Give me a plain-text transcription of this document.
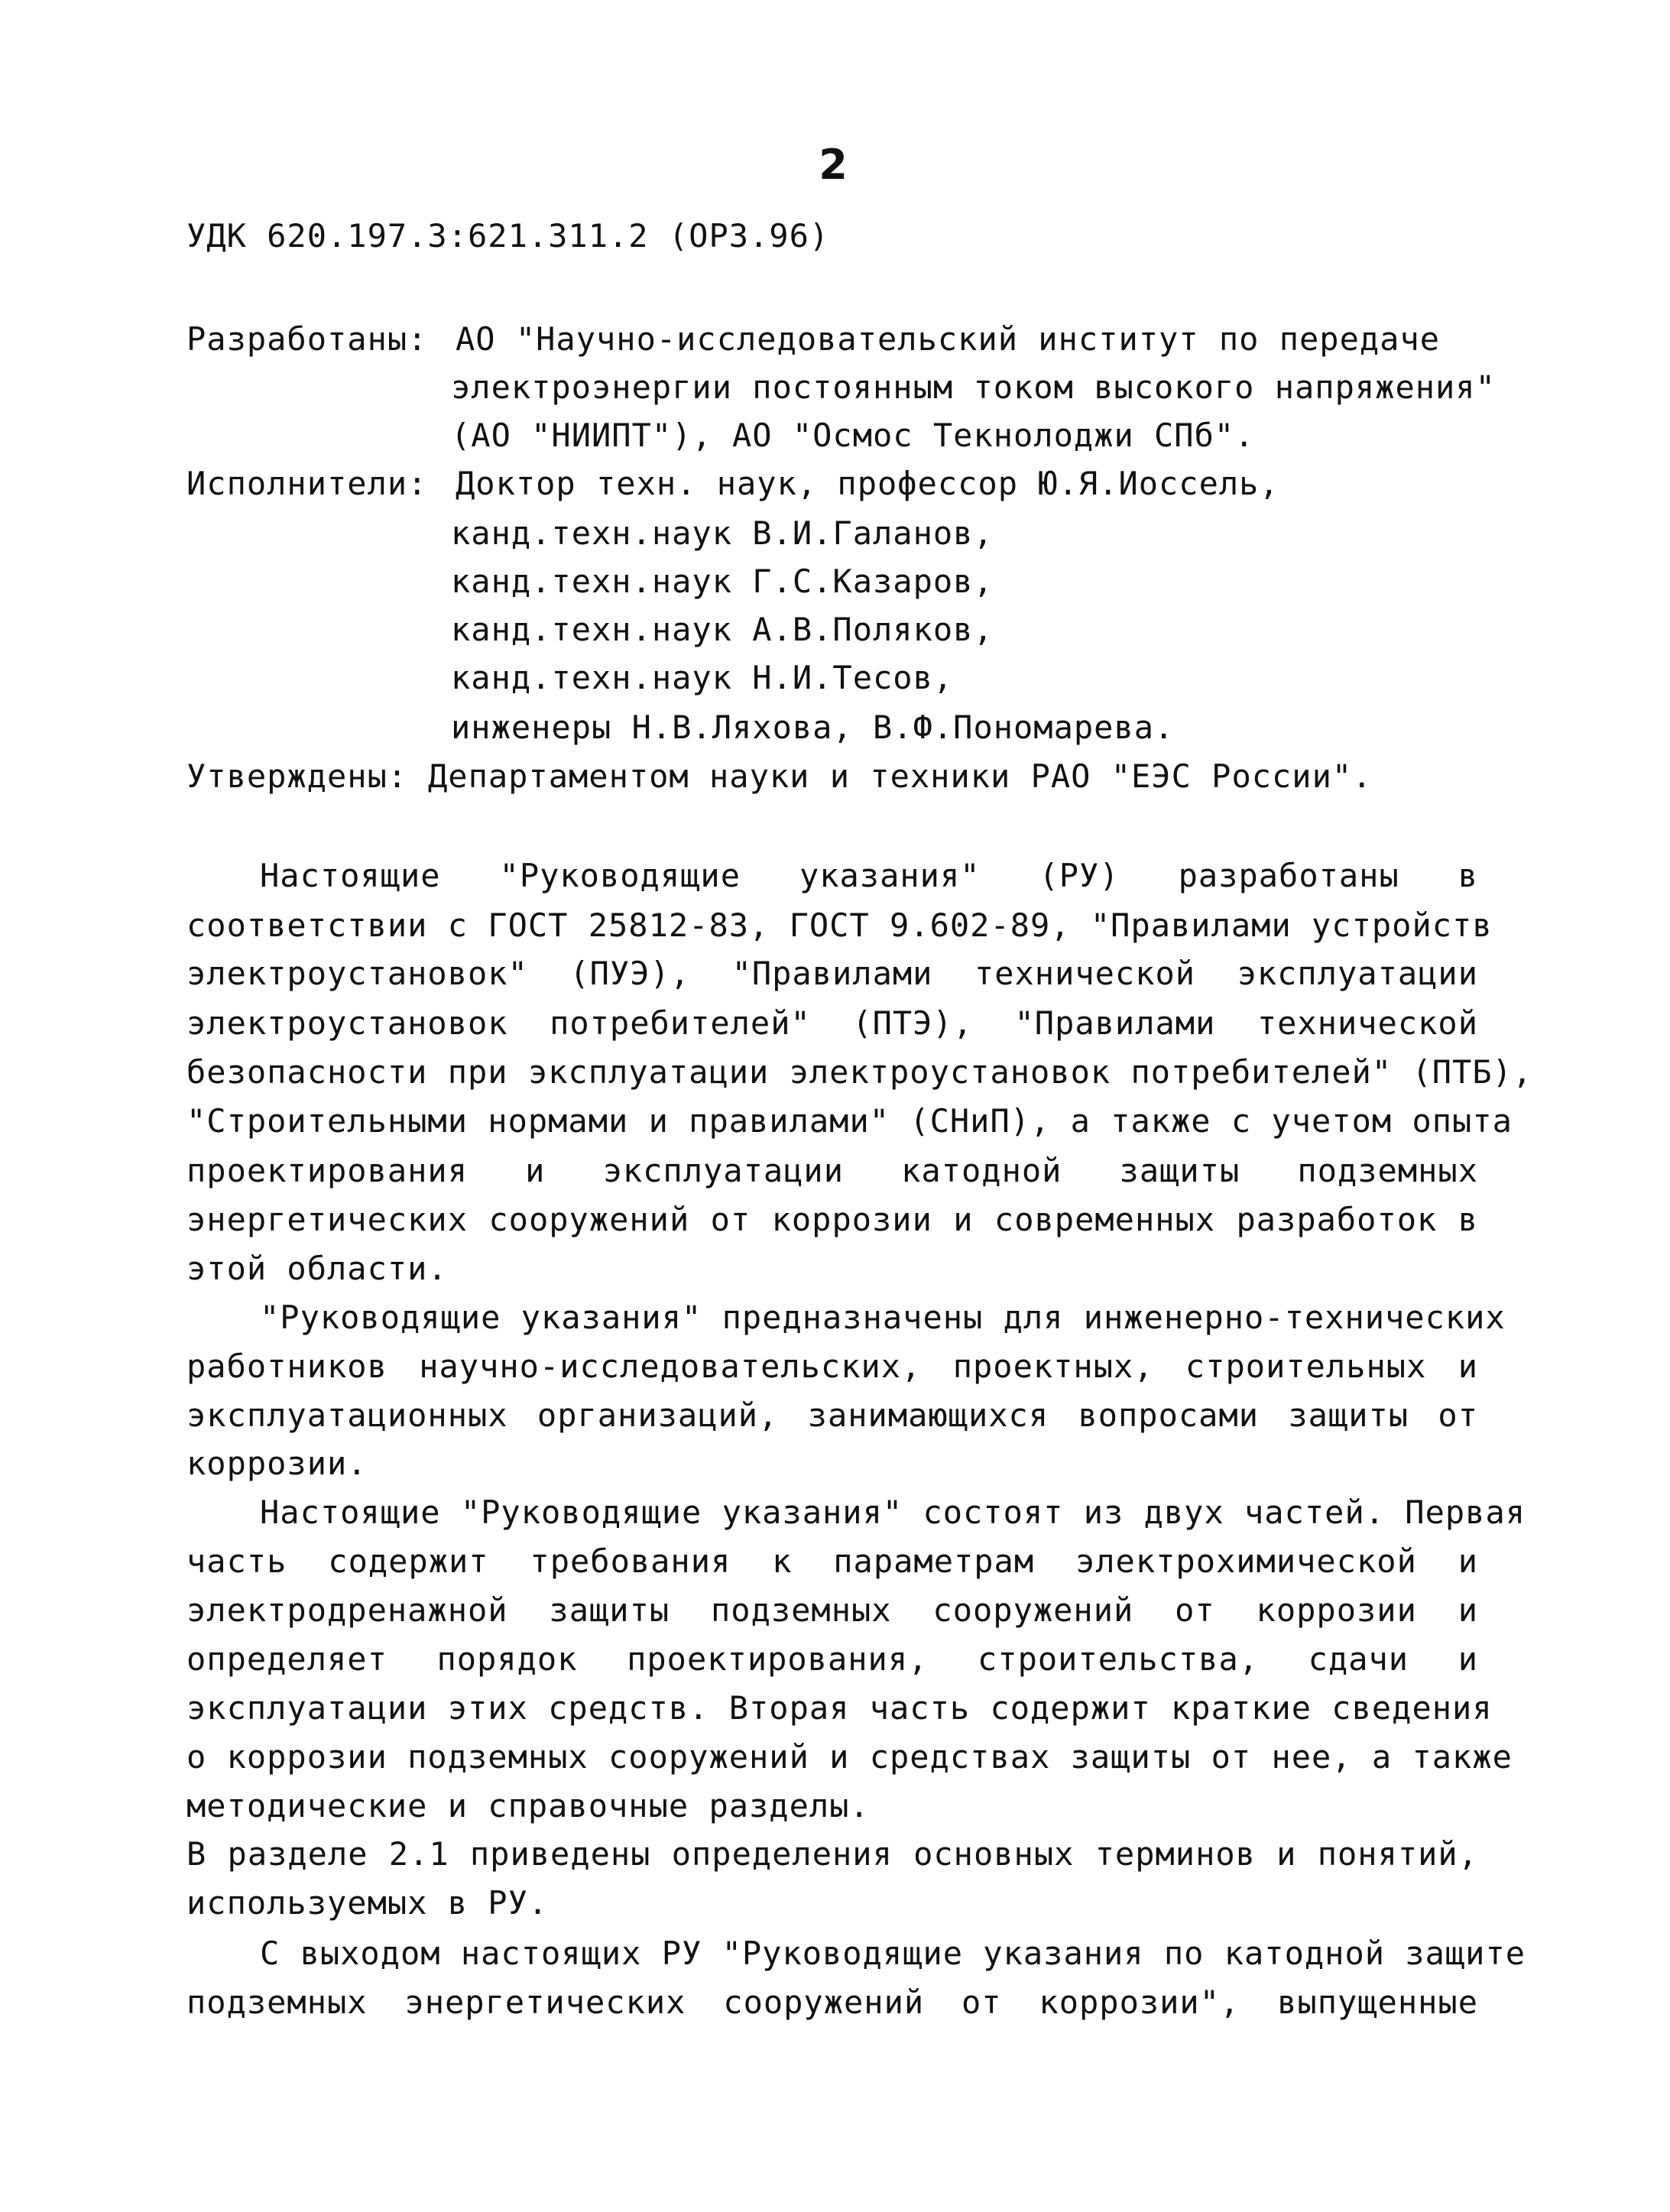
2
УДК 620.197.3:621.311.2 (ОРЗ.96)
Разработаны: АО "Научно-исследовательский институт по передаче
электроэнергии постоянным током высокого напряжения"
(АО "НИИПТ"), АО "Осмос Текнолоджи СПб".
Исполнители: Доктор техн. наук, профессор Ю.Я.Иоссель,
канд.техн.наук В.И.Галанов,
канд.техн.наук Г.С.Казаров,
канд.техн.наук А.В.Поляков,
канд.техн.наук Н.И.Тесов,
инженеры Н.В.Ляхова, В.Ф.Пономарева.
Утверждены: Департаментом науки и техники РАО "ЕЭС России".
Настоящие "Руководящие указания" (РУ) разработаны в
соответствии с ГОСТ 25812-83, ГОСТ 9.602-89, "Правилами устройств
электроустановок" (ПУЭ), "Правилами технической эксплуатации
электроустановок потребителей" (ПТЭ), "Правилами технической
безопасности при эксплуатации электроустановок потребителей" (ПТБ),
"Строительными нормами и правилами" (СНиП), а также с учетом опыта
проектирования и эксплуатации катодной защиты подземных
энергетических сооружений от коррозии и современных разработок в
этой области.
"Руководящие указания" предназначены для инженерно-технических
работников научно-исследовательских, проектных, строительных и
эксплуатационных организаций, занимающихся вопросами защиты от
коррозии.
Настоящие "Руководящие указания" состоят из двух частей. Первая
часть содержит требования к параметрам электрохимической и
электродренажной защиты подземных сооружений от коррозии и
определяет порядок проектирования, строительства, сдачи и
эксплуатации этих средств. Вторая часть содержит краткие сведения
о коррозии подземных сооружений и средствах защиты от нее, а также
методические и справочные разделы.
В разделе 2.1 приведены определения основных терминов и понятий,
используемых в РУ.
С выходом настоящих РУ "Руководящие указания по катодной защите
подземных энергетических сооружений от коррозии", выпущенные
